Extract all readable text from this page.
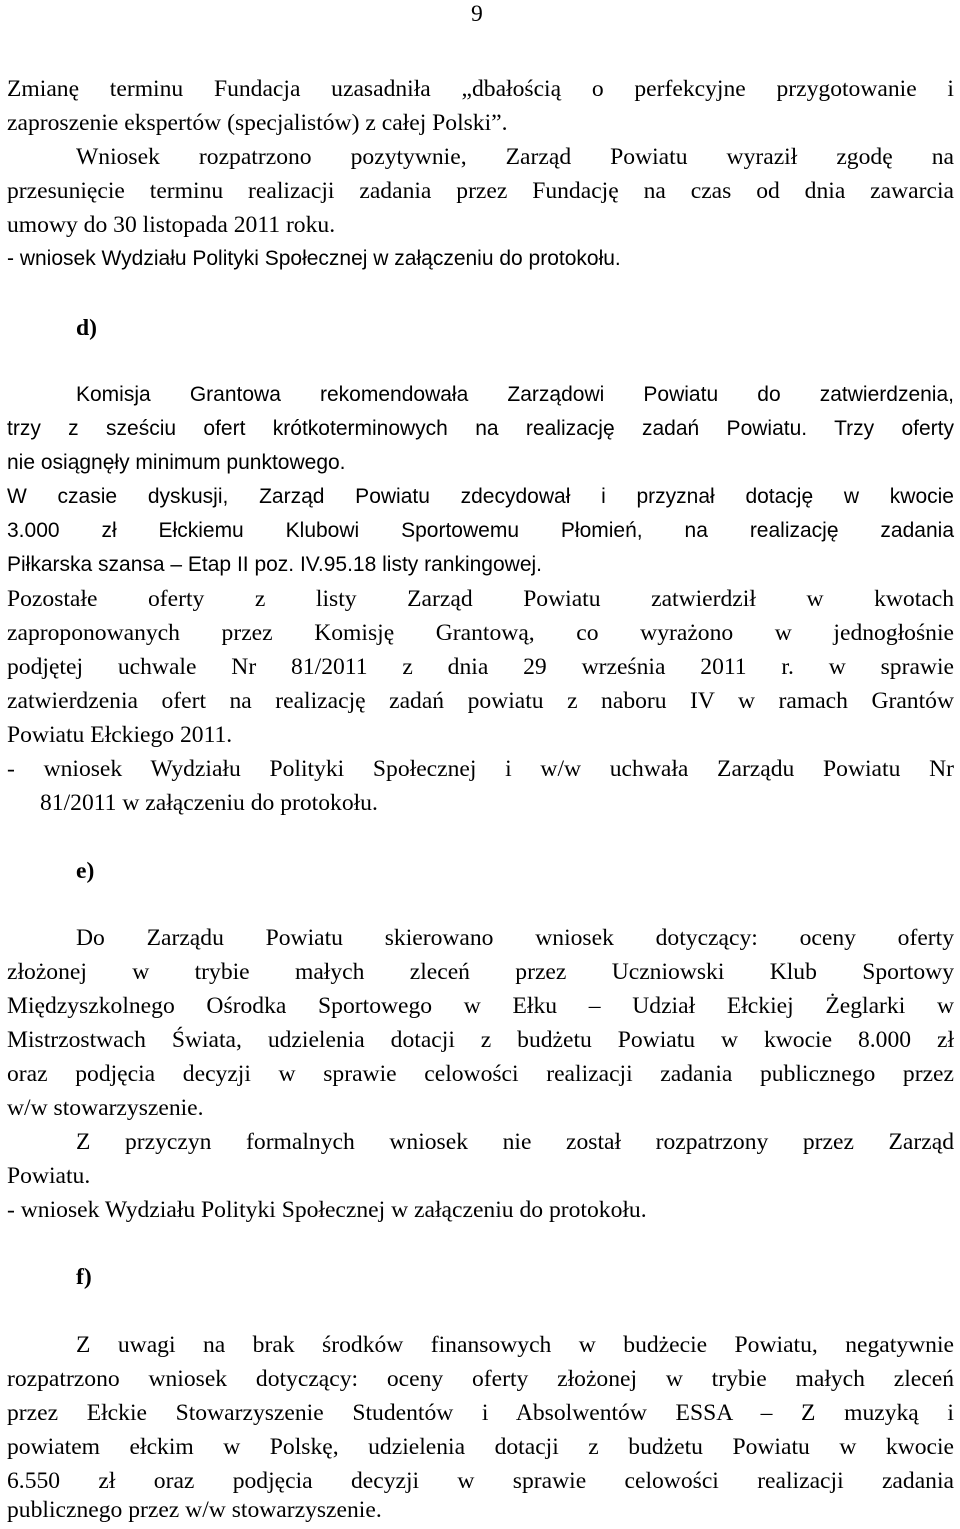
9
Zmianę terminu Fundacja uzasadniła „dbałością o perfekcyjne przygotowanie i
zaproszenie ekspertów (specjalistów) z całej Polski”.
Wniosek rozpatrzono pozytywnie, Zarząd Powiatu wyraził zgodę na
przesunięcie terminu realizacji zadania przez Fundację na czas od dnia zawarcia
umowy do 30 listopada 2011 roku.
- wniosek Wydziału Polityki Społecznej w załączeniu do protokołu.
d)
Komisja Grantowa rekomendowała Zarządowi Powiatu do zatwierdzenia,
trzy z sześciu ofert krótkoterminowych na realizację zadań Powiatu. Trzy oferty
nie osiągnęły minimum punktowego.
W czasie dyskusji, Zarząd Powiatu zdecydował i przyznał dotację w kwocie
3.000 zł Ełckiemu Klubowi Sportowemu Płomień, na realizację zadania
Piłkarska szansa – Etap II poz. IV.95.18 listy rankingowej.
Pozostałe oferty z listy Zarząd Powiatu zatwierdził w kwotach
zaproponowanych przez Komisję Grantową, co wyrażono w jednogłośnie
podjętej uchwale Nr 81/2011 z dnia 29 września 2011 r. w sprawie
zatwierdzenia ofert na realizację zadań powiatu z naboru IV w ramach Grantów
Powiatu Ełckiego 2011.
- wniosek Wydziału Polityki Społecznej i w/w uchwała Zarządu Powiatu Nr
81/2011 w załączeniu do protokołu.
e)
Do Zarządu Powiatu skierowano wniosek dotyczący: oceny oferty
złożonej w trybie małych zleceń przez Uczniowski Klub Sportowy
Międzyszkolnego Ośrodka Sportowego w Ełku – Udział Ełckiej Żeglarki w
Mistrzostwach Świata, udzielenia dotacji z budżetu Powiatu w kwocie 8.000 zł
oraz podjęcia decyzji w sprawie celowości realizacji zadania publicznego przez
w/w stowarzyszenie.
Z przyczyn formalnych wniosek nie został rozpatrzony przez Zarząd
Powiatu.
- wniosek Wydziału Polityki Społecznej w załączeniu do protokołu.
f)
Z uwagi na brak środków finansowych w budżecie Powiatu, negatywnie
rozpatrzono wniosek dotyczący: oceny oferty złożonej w trybie małych zleceń
przez Ełckie Stowarzyszenie Studentów i Absolwentów ESSA – Z muzyką i
powiatem ełckim w Polskę, udzielenia dotacji z budżetu Powiatu w kwocie
6.550 zł oraz podjęcia decyzji w sprawie celowości realizacji zadania
publicznego przez w/w stowarzyszenie.
